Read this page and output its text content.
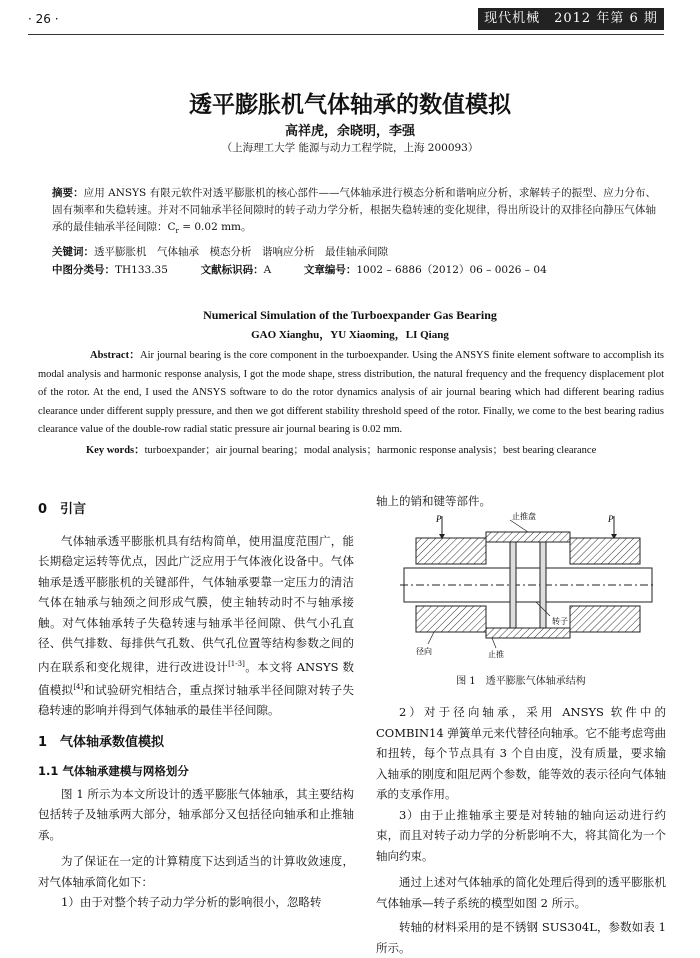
· 26 ·	现代机械　2012 年第 6 期
透平膨胀机气体轴承的数值模拟
高祥虎，余晓明，李强
（上海理工大学 能源与动力工程学院，上海 200093）
摘要：应用 ANSYS 有限元软件对透平膨胀机的核心部件——气体轴承进行模态分析和谐响应分析，求解转子的振型、应力分布、固有频率和失稳转速。并对不同轴承半径间隙时的转子动力学分析，根据失稳转速的变化规律，得出所设计的双排径向静压气体轴承的最佳轴承半径间隙：$C_r = 0.02$ mm。
关键词：透平膨胀机　气体轴承　模态分析　谐响应分析　最佳轴承间隙
中图分类号：TH133.35	文献标识码：A	文章编号：1002 – 6886（2012）06 – 0026 – 04
Numerical Simulation of the Turboexpander Gas Bearing
GAO Xianghu，YU Xiaoming，LI Qiang
Abstract：Air journal bearing is the core component in the turboexpander. Using the ANSYS finite element software to accomplish its modal analysis and harmonic response analysis, I got the mode shape, stress distribution, the natural frequency and the frequency displacement plot of the rotor. At the end, I used the ANSYS software to do the rotor dynamics analysis of air journal bearing which had different bearing radius clearance under different supply pressure, and then we got different stability threshold speed of the rotor. Finally, we come to the best bearing radius clearance value of the double-row radial static pressure air journal bearing is 0.02 mm.
Key words：turboexpander；air journal bearing；modal analysis；harmonic response analysis；best bearing clearance
0　引言
气体轴承透平膨胀机具有结构简单，使用温度范围广，能长期稳定运转等优点，因此广泛应用于气体液化设备中。气体轴承是透平膨胀机的关键部件，气体轴承要靠一定压力的清洁气体在轴承与轴颈之间形成气膜，使主轴转动时不与轴承接触。对气体轴承转子失稳转速与轴承半径间隙、供气小孔直径、供气排数、每排供气孔数、供气孔位置等结构参数之间的内在联系和变化规律，进行改进设计[1-3]。本文将 ANSYS 数值模拟[4]和试验研究相结合，重点探讨轴承半径间隙对转子失稳转速的影响并得到气体轴承的最佳半径间隙。
1　气体轴承数值模拟
1.1 气体轴承建模与网格划分
图 1 所示为本文所设计的透平膨胀气体轴承，其主要结构包括转子及轴承两大部分，轴承部分又包括径向轴承和止推轴承。
为了保证在一定的计算精度下达到适当的计算收敛速度，对气体轴承简化如下：
1）由于对整个转子动力学分析的影响很小，忽略转
轴上的销和键等部件。
P	P
止推盘
转子
径向	止推
图 1　透平膨胀气体轴承结构
2）对于径向轴承，采用 ANSYS 软件中的 COMBIN14 弹簧单元来代替径向轴承。它不能考虑弯曲和扭转，每个节点具有 3 个自由度，没有质量，要求输入轴承的刚度和阻尼两个参数，能等效的表示径向气体轴承的支承作用。
3）由于止推轴承主要是对转轴的轴向运动进行约束，而且对转子动力学的分析影响不大，将其简化为一个轴向约束。
通过上述对气体轴承的简化处理后得到的透平膨胀机气体轴承—转子系统的模型如图 2 所示。
转轴的材料采用的是不锈钢 SUS304L，参数如表 1 所示。
